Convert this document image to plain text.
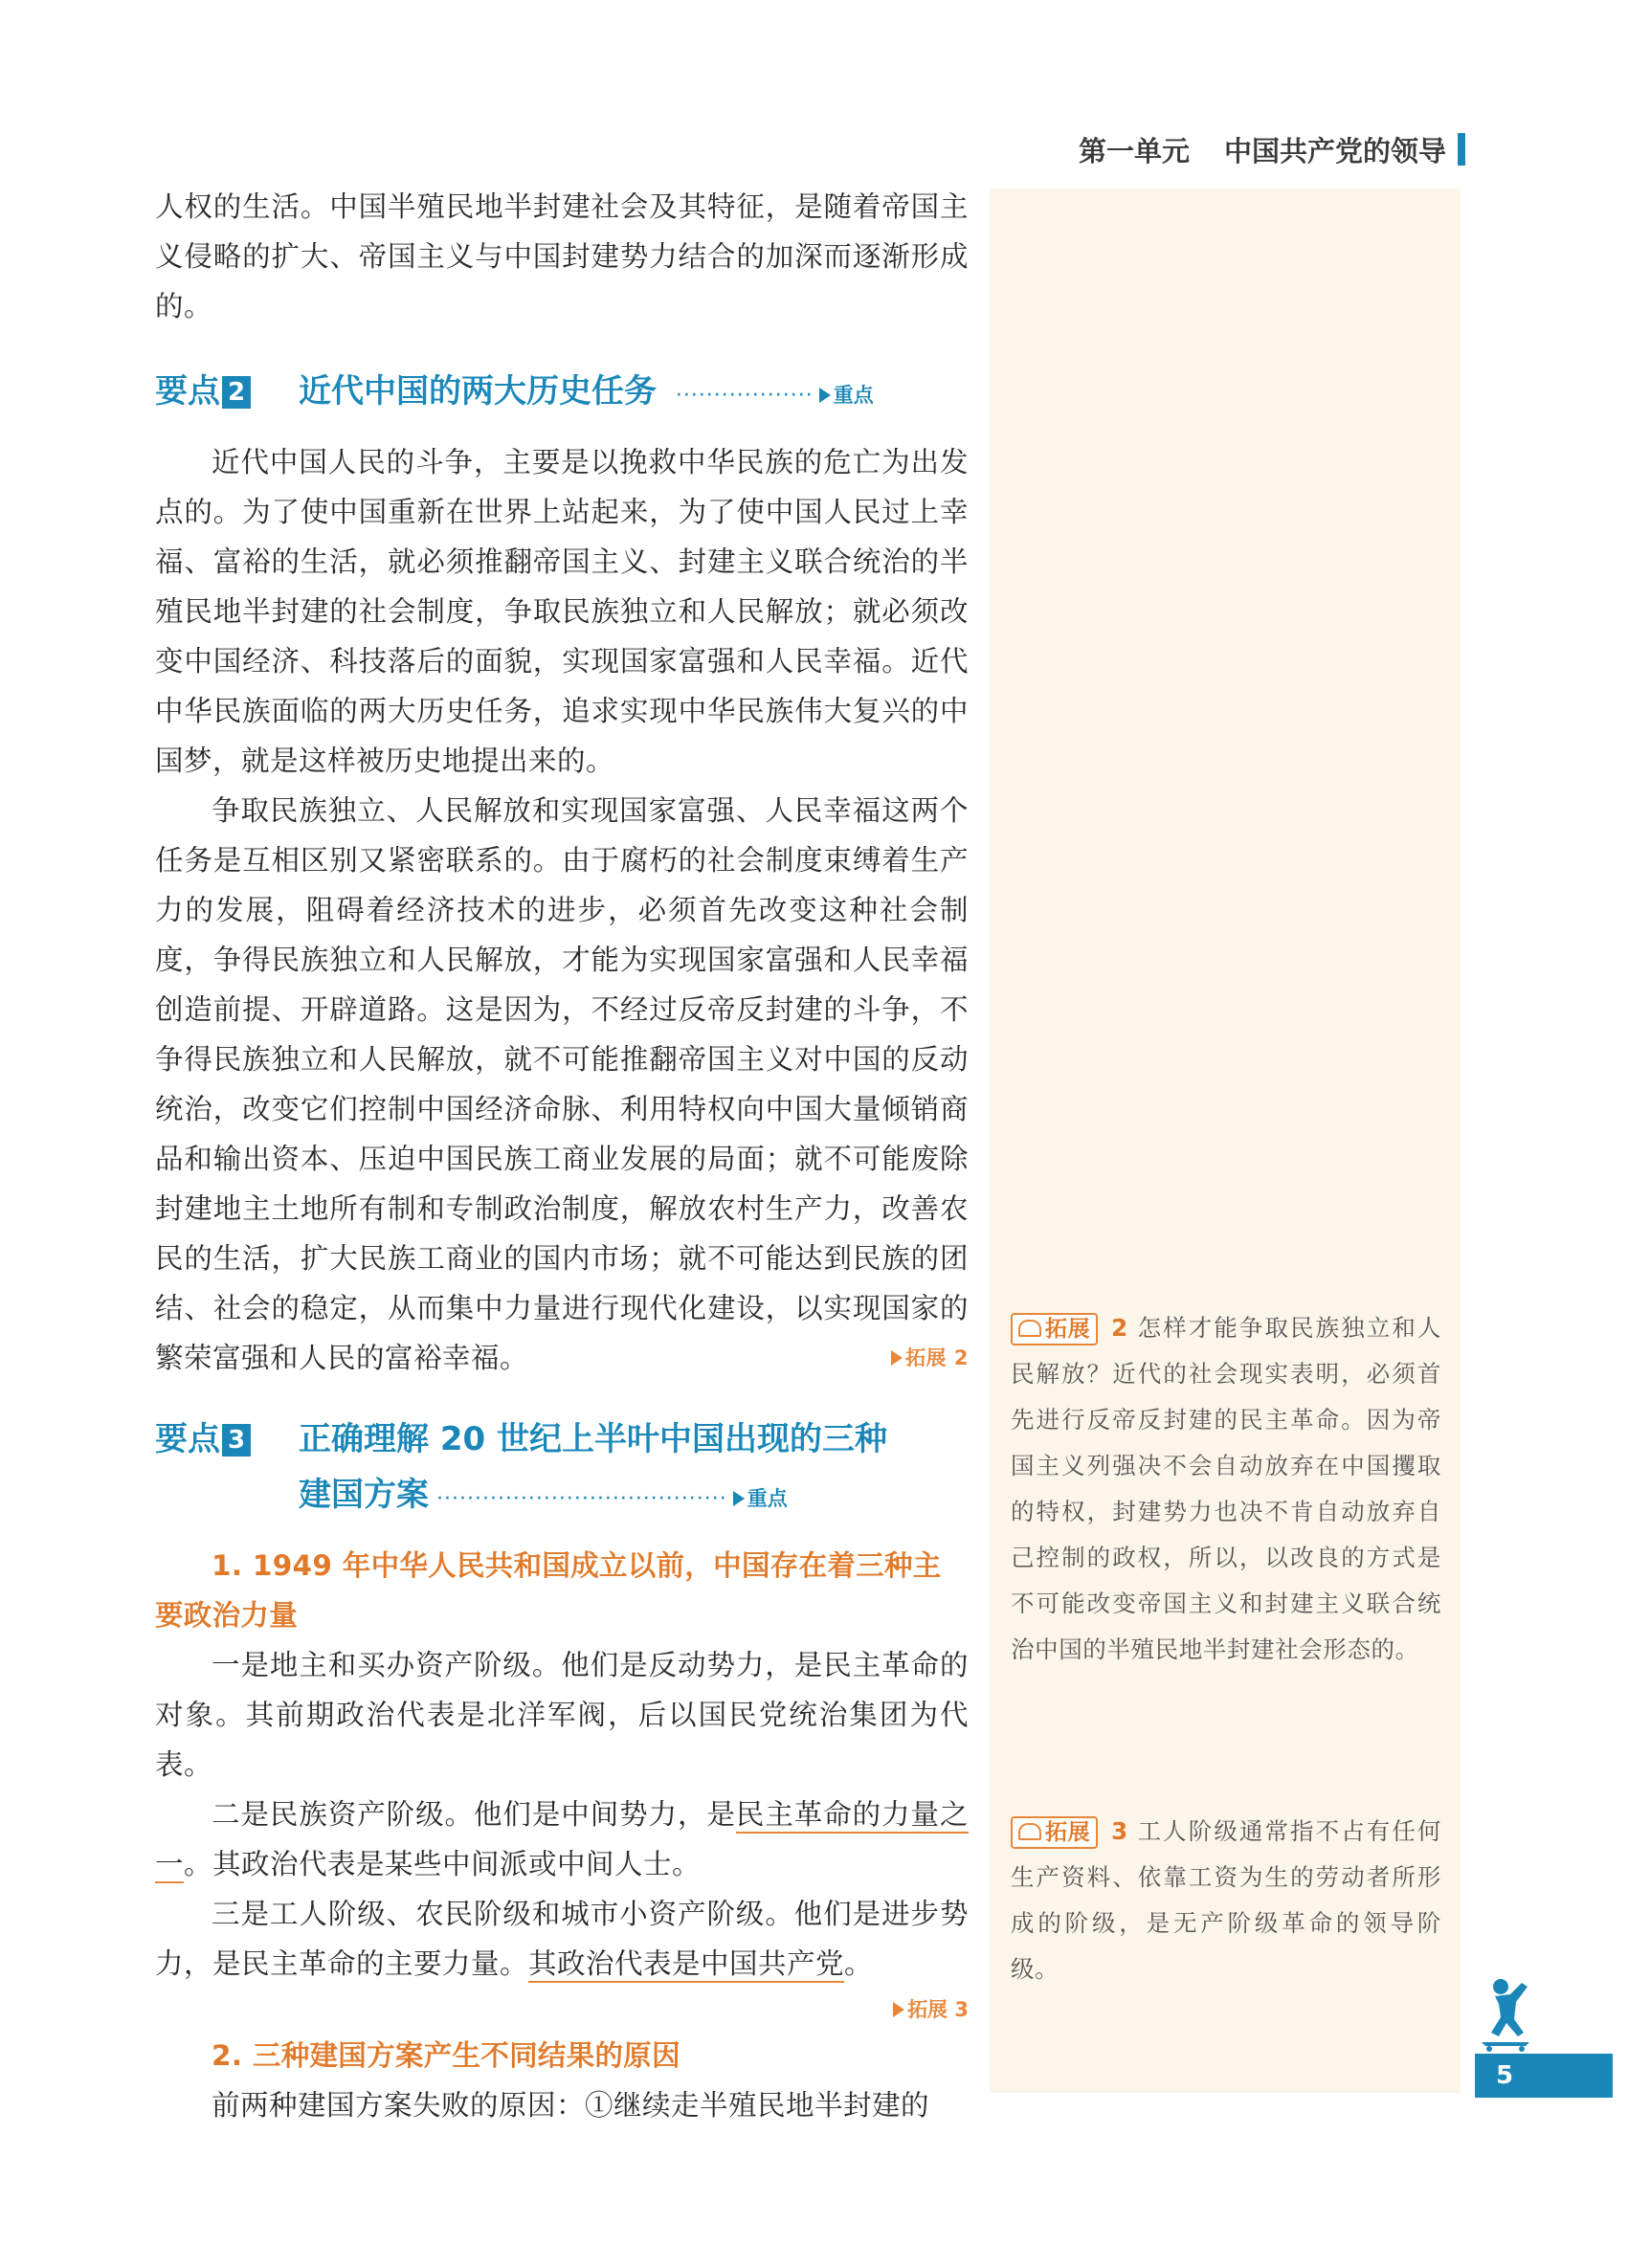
第一单元 中国共产党的领导

人权的生活。中国半殖民地半封建社会及其特征，是随着帝国主义侵略的扩大、帝国主义与中国封建势力结合的加深而逐渐形成的。

要点 2 近代中国的两大历史任务  ·················· 重点

近代中国人民的斗争，主要是以挽救中华民族的危亡为出发点的。为了使中国重新在世界上站起来，为了使中国人民过上幸福、富裕的生活，就必须推翻帝国主义、封建主义联合统治的半殖民地半封建的社会制度，争取民族独立和人民解放；就必须改变中国经济、科技落后的面貌，实现国家富强和人民幸福。近代中华民族面临的两大历史任务，追求实现中华民族伟大复兴的中国梦，就是这样被历史地提出来的。

争取民族独立、人民解放和实现国家富强、人民幸福这两个任务是互相区别又紧密联系的。由于腐朽的社会制度束缚着生产力的发展，阻碍着经济技术的进步，必须首先改变这种社会制度，争得民族独立和人民解放，才能为实现国家富强和人民幸福创造前提、开辟道路。这是因为，不经过反帝反封建的斗争，不争得民族独立和人民解放，就不可能推翻帝国主义对中国的反动统治，改变它们控制中国经济命脉、利用特权向中国大量倾销商品和输出资本、压迫中国民族工商业发展的局面；就不可能废除封建地主土地所有制和专制政治制度，解放农村生产力，改善农民的生活，扩大民族工商业的国内市场；就不可能达到民族的团结、社会的稳定，从而集中力量进行现代化建设，以实现国家的繁荣富强和人民的富裕幸福。	拓展 2

要点 3 正确理解 20 世纪上半叶中国出现的三种
建国方案 ······································ 重点

1. 1949 年中华人民共和国成立以前，中国存在着三种主要政治力量

一是地主和买办资产阶级。他们是反动势力，是民主革命的对象。其前期政治代表是北洋军阀，后以国民党统治集团为代表。

二是民族资产阶级。他们是中间势力，是民主革命的力量之一。其政治代表是某些中间派或中间人士。

三是工人阶级、农民阶级和城市小资产阶级。他们是进步势力，是民主革命的主要力量。其政治代表是中国共产党。

拓展 3

2. 三种建国方案产生不同结果的原因

前两种建国方案失败的原因：①继续走半殖民地半封建的

拓展 2 怎样才能争取民族独立和人民解放？近代的社会现实表明，必须首先进行反帝反封建的民主革命。因为帝国主义列强决不会自动放弃在中国攫取的特权，封建势力也决不肯自动放弃自己控制的政权，所以，以改良的方式是不可能改变帝国主义和封建主义联合统治中国的半殖民地半封建社会形态的。
拓展 3 工人阶级通常指不占有任何生产资料、依靠工资为生的劳动者所形成的阶级，是无产阶级革命的领导阶级。
5
